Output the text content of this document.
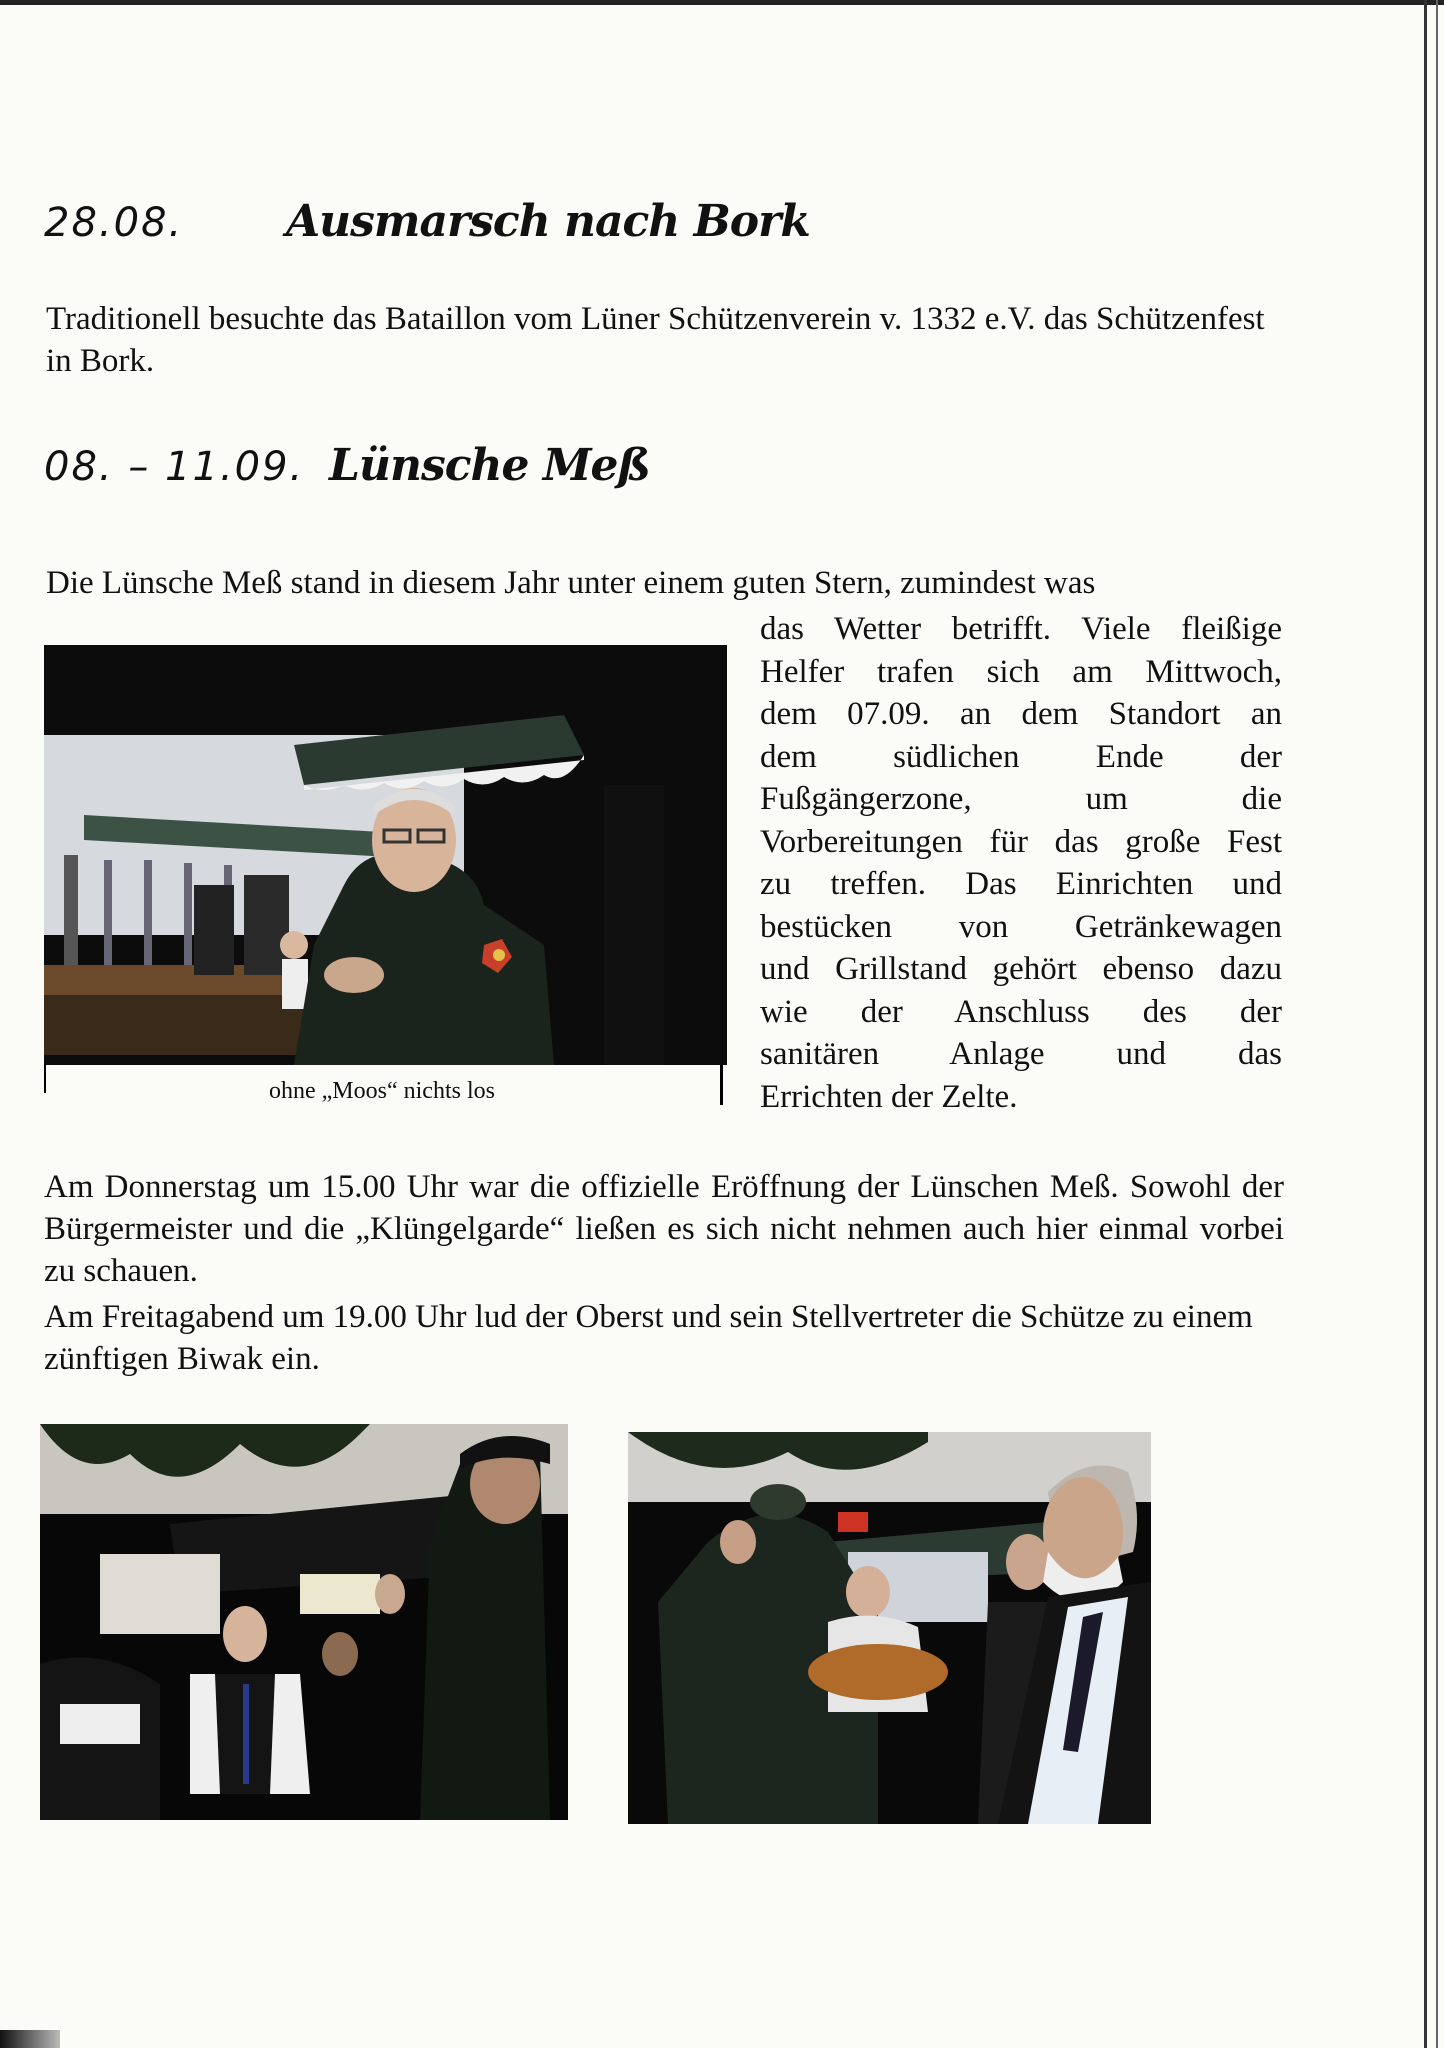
28.08. Ausmarsch nach Bork
Traditionell besuchte das Bataillon vom Lüner Schützenverein v. 1332 e.V. das Schützenfest in Bork.
08. – 11.09. Lünsche Meß
Die Lünsche Meß stand in diesem Jahr unter einem guten Stern, zumindest was
ohne „Moos“ nichts los
das Wetter betrifft. Viele fleißige
Helfer trafen sich am Mittwoch,
dem 07.09. an dem Standort an
dem südlichen Ende der
Fußgängerzone, um die
Vorbereitungen für das große Fest
zu treffen. Das Einrichten und
bestücken von Getränkewagen
und Grillstand gehört ebenso dazu
wie der Anschluss des der
sanitären Anlage und das
Errichten der Zelte.
Am Donnerstag um 15.00 Uhr war die offizielle Eröffnung der Lünschen Meß. Sowohl der Bürgermeister und die „Klüngelgarde“ ließen es sich nicht nehmen auch hier einmal vorbei zu schauen.
Am Freitagabend um 19.00 Uhr lud der Oberst und sein Stellvertreter die Schütze zu einem zünftigen Biwak ein.
